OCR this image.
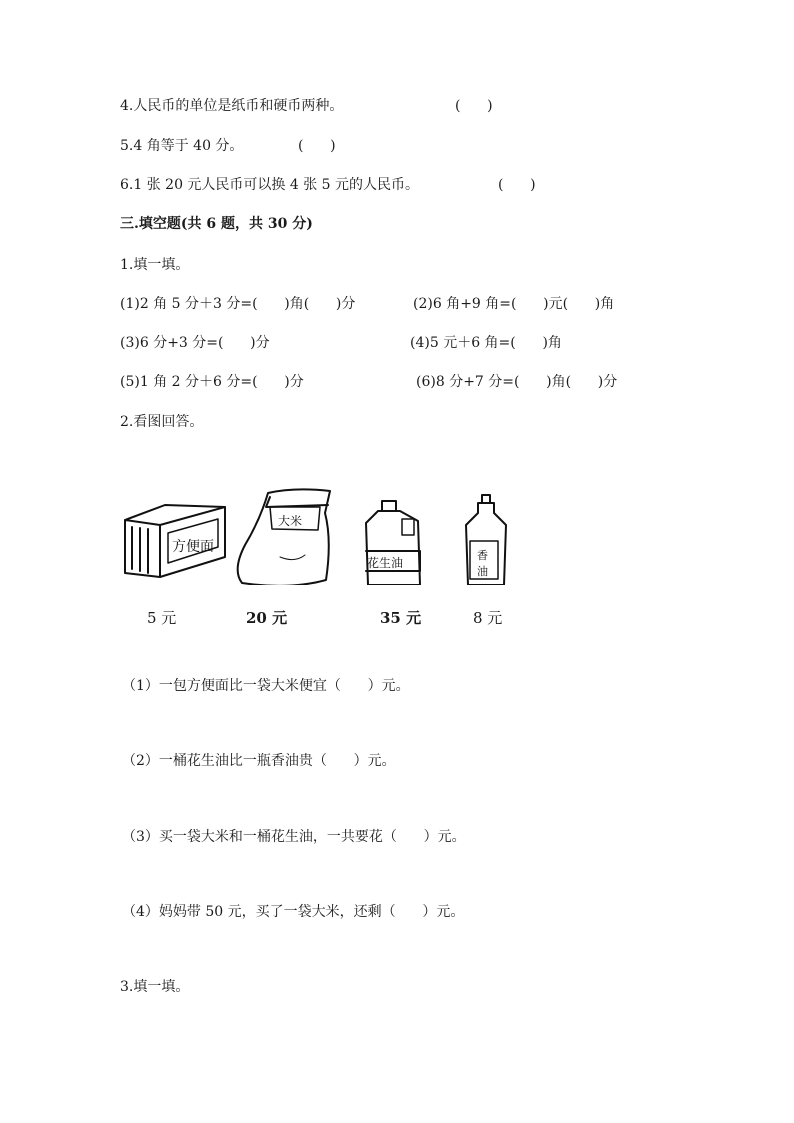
4.人民币的单位是纸币和硬币两种。	(      )
5.4 角等于 40 分。	(      )
6.1 张 20 元人民币可以换 4 张 5 元的人民币。	(      )
三.填空题(共 6 题，共 30 分)
1.填一填。
(1)2 角 5 分＋3 分=(      )角(      )分	(2)6 角+9 角=(      )元(      )角
(3)6 分+3 分=(      )分	(4)5 元＋6 角=(      )角
(5)1 角 2 分＋6 分=(      )分	(6)8 分+7 分=(      )角(      )分
2.看图回答。
方便面
大米
花生油
香
油
5 元	20 元	35 元	8 元
（1）一包方便面比一袋大米便宜（      ）元。
（2）一桶花生油比一瓶香油贵（      ）元。
（3）买一袋大米和一桶花生油，一共要花（      ）元。
（4）妈妈带 50 元，买了一袋大米，还剩（      ）元。
3.填一填。
